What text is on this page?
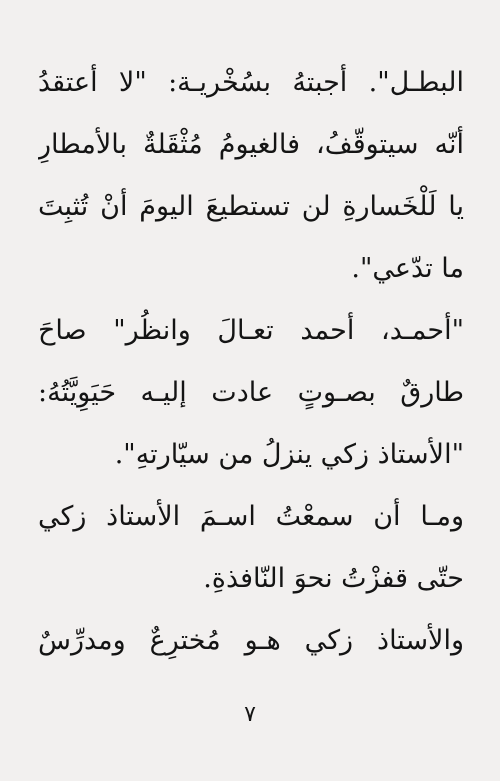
البطـل". أجبتهُ بسُخْريـة: "لا أعتقدُ
أنّه سيتوقّفُ، فالغيومُ مُثْقَلةٌ بالأمطارِ
يا لَلْخَسارةِ لن تستطيعَ اليومَ أنْ تُثبِتَ
ما تدّعي".
"أحمـد، أحمد تعـالَ وانظُر" صاحَ
طارقٌ بصـوتٍ عادت إليـه حَيَوِيَّتُهُ:
"الأستاذ زكي ينزلُ من سيّارتهِ".
ومـا أن سمعْتُ اسـمَ الأستاذ زكي
حتّى قفزْتُ نحوَ النّافذةِ.
والأستاذ زكي هـو مُخترِعٌ ومدرِّسٌ
٧
